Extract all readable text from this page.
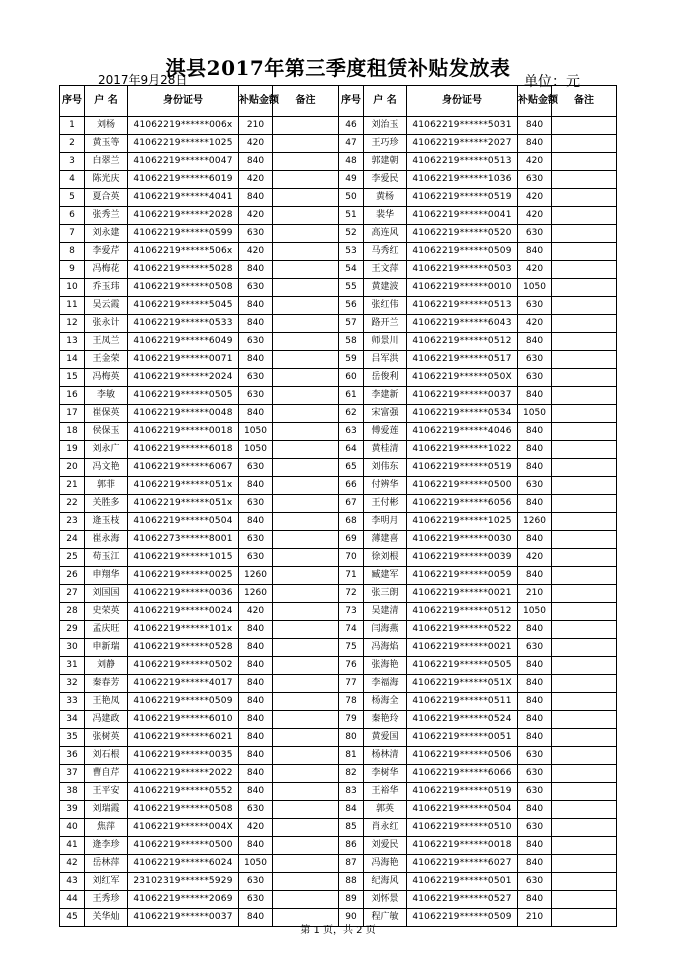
淇县2017年第三季度租赁补贴发放表
2017年9月28日	单位：元
序号	户 名	身份证号	补贴金额	备注	序号	户 名	身份证号	补贴金额	备注
1	刘杨	41062219******006x	210		46	刘治玉	41062219******5031	840	
2	黄玉等	41062219******1025	420		47	王巧珍	41062219******2027	840	
3	白翠兰	41062219******0047	840		48	郭建朝	41062219******0513	420	
4	陈光庆	41062219******6019	420		49	李爱民	41062219******1036	630	
5	夏合英	41062219******4041	840		50	黄杨	41062219******0519	420	
6	张秀兰	41062219******2028	420		51	裴华	41062219******0041	420	
7	刘永建	41062219******0599	630		52	高连风	41062219******0520	630	
8	李爱芹	41062219******506x	420		53	马秀红	41062219******0509	840	
9	冯梅花	41062219******5028	840		54	王文萍	41062219******0503	420	
10	乔玉玮	41062219******0508	630		55	黄建波	41062219******0010	1050	
11	吴云霞	41062219******5045	840		56	张红伟	41062219******0513	630	
12	张永计	41062219******0533	840		57	路开兰	41062219******6043	420	
13	王凤兰	41062219******6049	630		58	师景川	41062219******0512	840	
14	王金荣	41062219******0071	840		59	吕军洪	41062219******0517	630	
15	冯梅英	41062219******2024	630		60	岳俊利	41062219******050X	630	
16	李敏	41062219******0505	630		61	李建新	41062219******0037	840	
17	崔保英	41062219******0048	840		62	宋富强	41062219******0534	1050	
18	侯保玉	41062219******0018	1050		63	傅爱莲	41062219******4046	840	
19	刘永广	41062219******6018	1050		64	黄桂清	41062219******1022	840	
20	冯文艳	41062219******6067	630		65	刘伟东	41062219******0519	840	
21	郭菲	41062219******051x	840		66	付辨华	41062219******0500	630	
22	关胜多	41062219******051x	630		67	王付彬	41062219******6056	840	
23	逄玉枝	41062219******0504	840		68	李明月	41062219******1025	1260	
24	崔永海	41062273******8001	630		69	薄建喜	41062219******0030	840	
25	苟玉江	41062219******1015	630		70	徐刘根	41062219******0039	420	
26	申翔华	41062219******0025	1260		71	臧建军	41062219******0059	840	
27	刘国国	41062219******0036	1260		72	张三朗	41062219******0021	210	
28	史荣英	41062219******0024	420		73	吴建清	41062219******0512	1050	
29	孟庆旺	41062219******101x	840		74	闫海燕	41062219******0522	840	
30	申新瑞	41062219******0528	840		75	冯海焰	41062219******0021	630	
31	刘静	41062219******0502	840		76	张海艳	41062219******0505	840	
32	秦春芳	41062219******4017	840		77	李福海	41062219******051X	840	
33	王艳凤	41062219******0509	840		78	杨海全	41062219******0511	840	
34	冯建政	41062219******6010	840		79	秦艳玲	41062219******0524	840	
35	张树英	41062219******6021	840		80	黄爱国	41062219******0051	840	
36	刘石根	41062219******0035	840		81	杨林清	41062219******0506	630	
37	曹自芹	41062219******2022	840		82	李树华	41062219******6066	630	
38	王平安	41062219******0552	840		83	王裕华	41062219******0519	630	
39	刘瑞霞	41062219******0508	630		84	郭英	41062219******0504	840	
40	焦萍	41062219******004X	420		85	肖永红	41062219******0510	630	
41	逄李珍	41062219******0500	840		86	刘爱民	41062219******0018	840	
42	岳林萍	41062219******6024	1050		87	冯海艳	41062219******6027	840	
43	刘红军	23102319******5929	630		88	纪海风	41062219******0501	630	
44	王秀珍	41062219******2069	630		89	刘怀景	41062219******0527	840	
45	关华灿	41062219******0037	840		90	程广敏	41062219******0509	210	
第 1 页，共 2 页
